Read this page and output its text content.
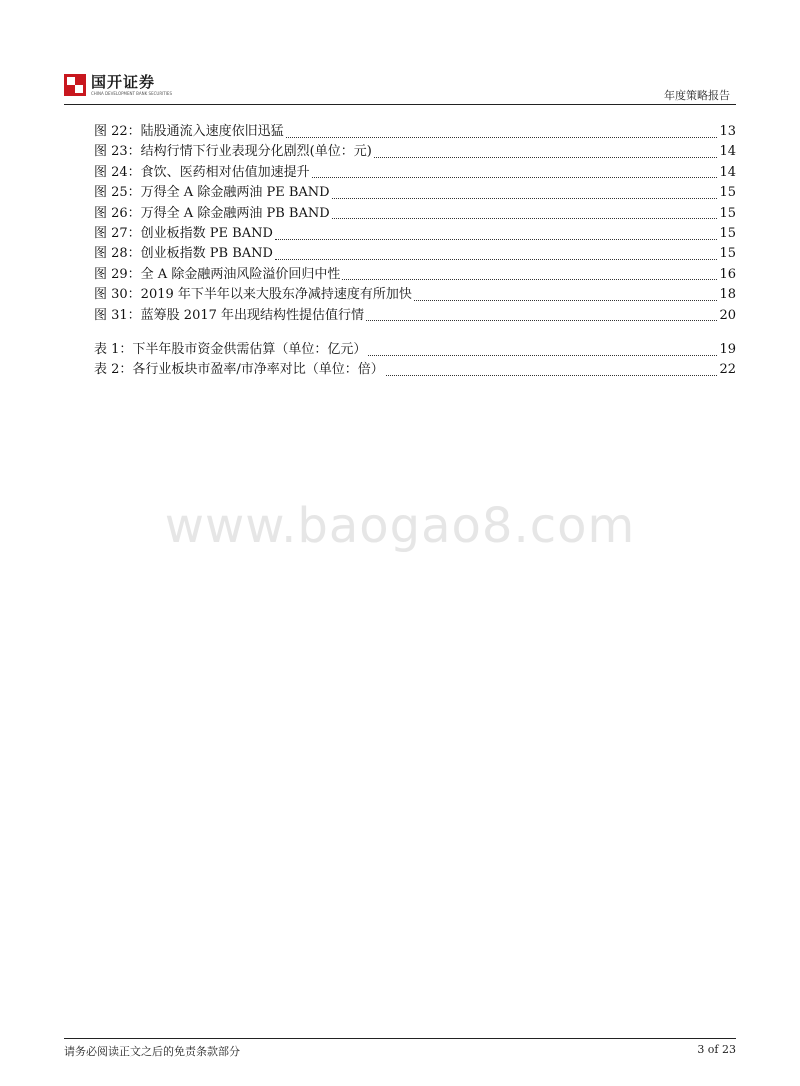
国开证券
CHINA DEVELOPMENT BANK SECURITIES	年度策略报告
图 22：陆股通流入速度依旧迅猛	13
图 23：结构行情下行业表现分化剧烈(单位：元)	14
图 24：食饮、医药相对估值加速提升	14
图 25：万得全 A 除金融两油 PE BAND	15
图 26：万得全 A 除金融两油 PB BAND	15
图 27：创业板指数 PE BAND	15
图 28：创业板指数 PB BAND	15
图 29：全 A 除金融两油风险溢价回归中性	16
图 30：2019 年下半年以来大股东净减持速度有所加快	18
图 31：蓝筹股 2017 年出现结构性提估值行情	20
表 1：下半年股市资金供需估算（单位：亿元）	19
表 2：各行业板块市盈率/市净率对比（单位：倍）	22
www.baogao8.com
请务必阅读正文之后的免责条款部分	3 of 23
